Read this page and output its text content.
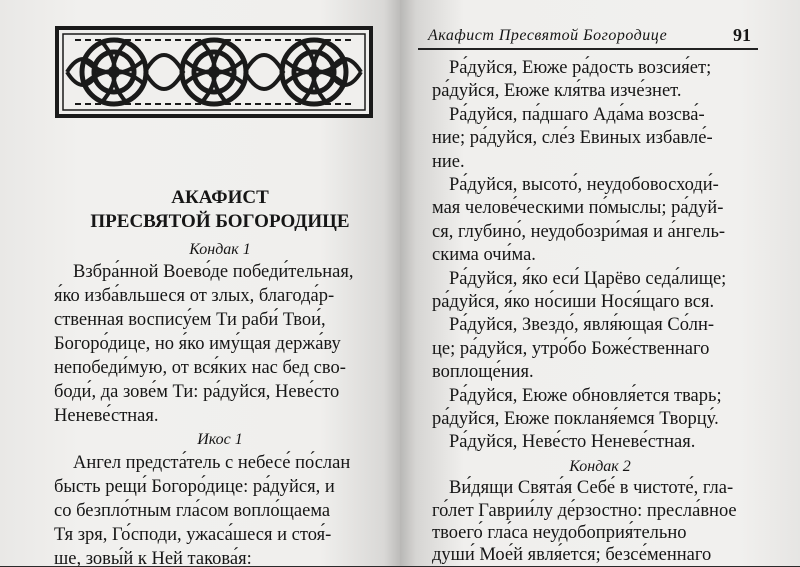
АКАФИСТ
ПРЕСВЯТОЙ БОГОРОДИЦЕ
Кондак 1
Взбра́нной Воево́де победи́тельная,
я́ко изба́вльшеся от злых, благода́р-
ственная воспису́ем Ти раби́ Твои́,
Богоро́дице, но я́ко иму́щая держа́ву
непобеди́мую, от вся́ких нас бед сво-
боди́, да зове́м Ти: ра́дуйся, Неве́сто
Неневе́стная.
Икос 1
Ангел предста́тель с небесе́ по́слан
бысть рещи́ Богоро́дице: ра́дуйся, и
со безпло́тным гла́сом вопло́щаема
Тя зря, Го́споди, ужаса́шеся и стоя́-
ше, зовы́й к Ней такова́я:
Акафист Пресвятой Богородице	91
Ра́дуйся, Еюже ра́дость возсия́ет;
ра́дуйся, Еюже кля́тва изче́знет.
Ра́дуйся, па́дшаго Ада́ма возсва́-
ние; ра́дуйся, сле́з Евиных избавле́-
ние.
Ра́дуйся, высото́, неудобовосходи́-
мая челове́ческими по́мыслы; ра́дуй-
ся, глубино́, неудобозри́мая и а́нгель-
скима очи́ма.
Ра́дуйся, я́ко еси́ Царёво седа́лище;
ра́дуйся, я́ко но́сиши Нося́щаго вся.
Ра́дуйся, Звездо́, явля́ющая Со́лн-
це; ра́дуйся, утро́бо Боже́ственнаго
воплоще́ния.
Ра́дуйся, Еюже обновля́ется тварь;
ра́дуйся, Еюже покланя́емся Творцу́.
Ра́дуйся, Неве́сто Неневе́стная.
Кондак 2
Ви́дящи Свята́я Себе́ в чистоте́, гла-
го́лет Гаврии́лу де́рзостно: пресла́вное
твоего́ гла́са неудобоприя́тельно
души́ Мое́й явля́ется; безсе́меннаго
